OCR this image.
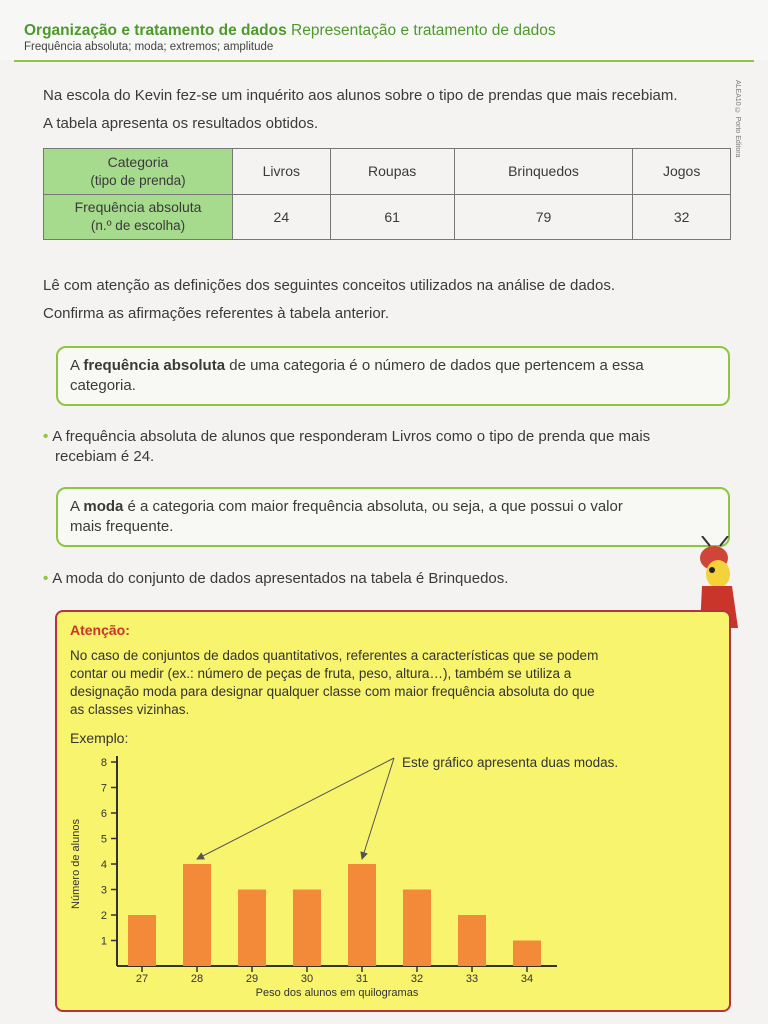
Organização e tratamento de dados Representação e tratamento de dados
Frequência absoluta; moda; extremos; amplitude
ALEA10 © Porto Editora
Na escola do Kevin fez-se um inquérito aos alunos sobre o tipo de prendas que mais recebiam.
A tabela apresenta os resultados obtidos.
Categoria
(tipo de prenda)	Livros	Roupas	Brinquedos	Jogos
Frequência absoluta
(n.º de escolha)	24	61	79	32
Lê com atenção as definições dos seguintes conceitos utilizados na análise de dados.
Confirma as afirmações referentes à tabela anterior.
A frequência absoluta de uma categoria é o número de dados que pertencem a essa
categoria.
• A frequência absoluta de alunos que responderam Livros como o tipo de prenda que mais
recebiam é 24.
A moda é a categoria com maior frequência absoluta, ou seja, a que possui o valor
mais frequente.
• A moda do conjunto de dados apresentados na tabela é Brinquedos.
Atenção:
No caso de conjuntos de dados quantitativos, referentes a características que se podem
contar ou medir (ex.: número de peças de fruta, peso, altura…), também se utiliza a
designação moda para designar qualquer classe com maior frequência absoluta do que
as classes vizinhas.
Exemplo:
1
2
3
4
5
6
7
8
Número de alunos
27	28	29	30	31	32	33	34
Peso dos alunos em quilogramas
Este gráfico apresenta duas modas.
